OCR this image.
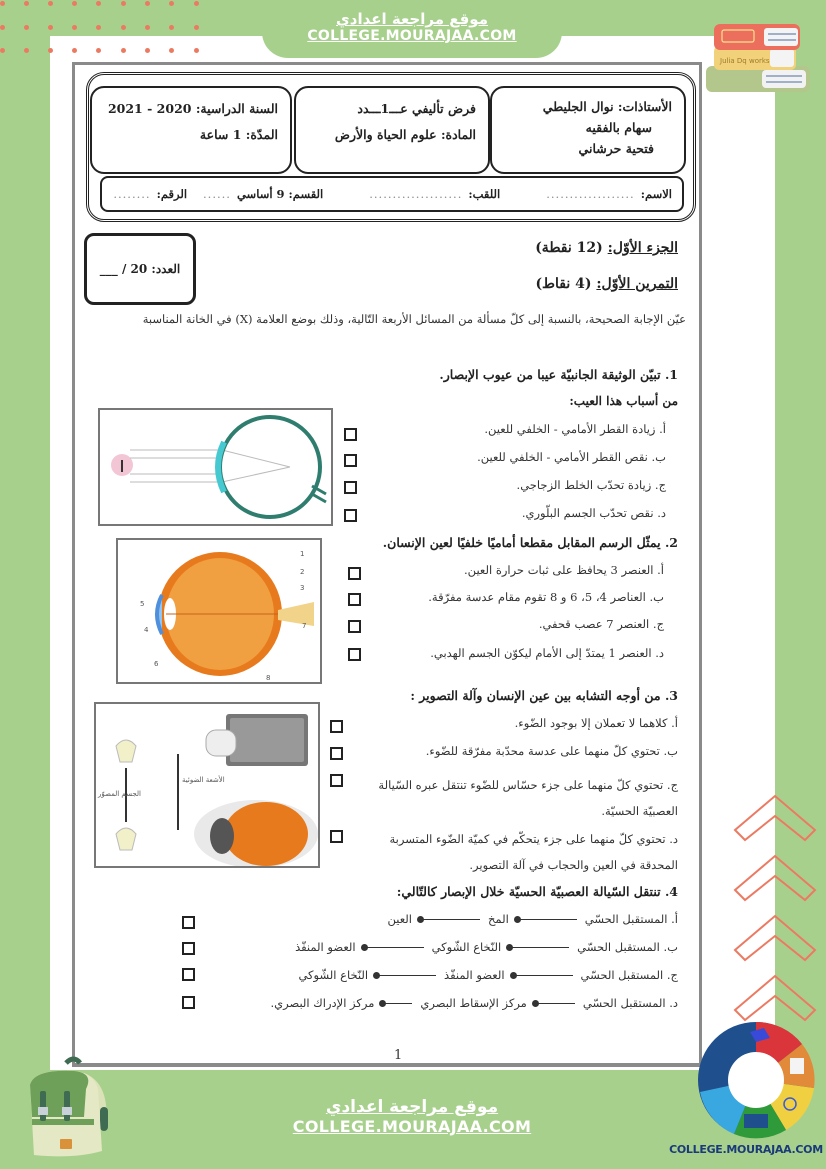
موقع مراجعة اعدادي
COLLEGE.MOURAJAA.COM
Julia Dq works
الأستاذات: نوال الجليطي
سهام بالفقيه
فتحية حرشاني
فرض تأليفي عـــ1ـــدد
المادة: علوم الحياة والأرض
السنة الدراسية: 2020 - 2021
المدّة: 1 ساعة
الاسم:
...................
اللقب:
....................
القسم: 9 أساسي
......
الرقم:
........
العدد: 20 / ___
الجزء الأوّل: (12 نقطة)
التمرين الأوّل: (4 نقاط)
عيّن الإجابة الصحيحة، بالنسبة إلى كلّ مسألة من المسائل الأربعة التّالية، وذلك بوضع العلامة (X) في الخانة المناسبة
1. تبيّن الوثيقة الجانبيّة عيبا من عيوب الإبصار.
من أسباب هذا العيب:
أ. زيادة القطر الأمامي - الخلفي للعين.
ب. نقص القطر الأمامي - الخلفي للعين.
ج. زيادة تحدّب الخلط الزجاجي.
د. نقص تحدّب الجسم البلّوري.
2. يمثّل الرسم المقابل مقطعا أماميًا خلفيًا لعين الإنسان.
أ. العنصر 3 يحافظ على ثبات حرارة العين.
ب. العناصر 4، 5، 6 و 8 تقوم مقام عدسة مفرّقة.
ج. العنصر 7 عصب قحفي.
د. العنصر 1 يمتدّ إلى الأمام ليكوّن الجسم الهدبي.
1
2
3
5
4
6
7
8
3. من أوجه التشابه بين عين الإنسان وآلة التصوير :
أ. كلاهما لا تعملان إلا بوجود الضّوء.
ب. تحتوي كلّ منهما على عدسة محدّبة مفرّقة للضّوء.
ج. تحتوي كلّ منهما على جزء حسّاس للضّوء تنتقل عبره السّيالة العصبيّة الحسيّة.
د. تحتوي كلّ منهما على جزء يتحكّم في كميّة الضّوء المتسربة المحدقة في العين والحجاب في آلة التصوير.
الأشعة الضوئية
الجسم المصوّر
4. تنتقل السّيالة العصبيّة الحسيّة خلال الإبصار كالتّالي:
أ.

المستقبل الحسّي
المخ
العين
ب.

المستقبل الحسّي
النّخاع الشّوكي
العضو المنفّذ
ج.

المستقبل الحسّي
العضو المنفّذ
النّخاع الشّوكي
د.

المستقبل الحسّي
مركز الإسقاط البصري
مركز الإدراك البصري.
1
موقع مراجعة اعدادي
COLLEGE.MOURAJAA.COM
COLLEGE.MOURAJAA.COM
